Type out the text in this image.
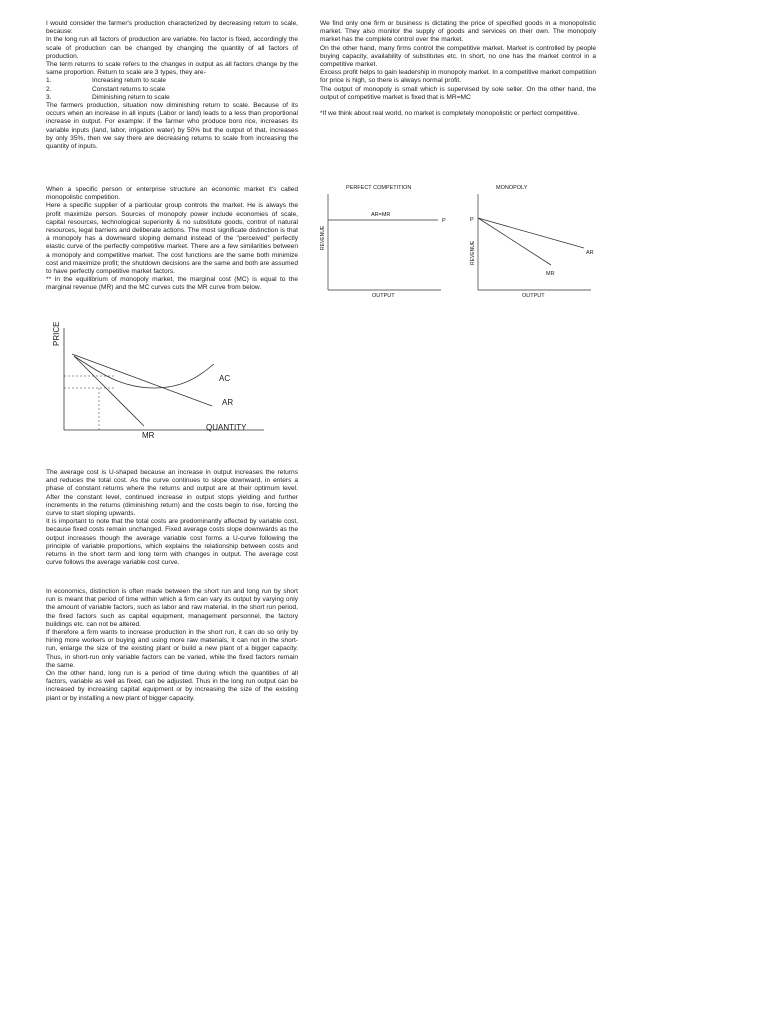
I would consider the farmer's production characterized by decreasing return to scale, because:

In the long run all factors of production are variable. No factor is fixed, accordingly the scale of production can be changed by changing the quantity of all factors of production.

The term returns to scale refers to the changes in output as all factors change by the same proportion. Return to scale are 3 types, they are-

1.	Increasing return to scale
2.	Constant returns to scale
3.	Diminishing return to scale

The farmers production, situation now diminishing return to scale. Because of its occurs when an increase in all inputs (Labor or land) leads to a less than proportional increase in output. For example: if the farmer who produce boro rice, increases its variable inputs (land, labor, irrigation water) by 50% but the output of that, increases by only 35%, then we say there are decreasing returns to scale from increasing the quantity of inputs.

When a specific person or enterprise structure an economic market it's called monopolistic competition.

Here a specific supplier of a particular group controls the market. He is always the profit maximize person. Sources of monopoly power include economies of scale, capital resources, technological superiority & no substitute goods, control of natural resources, legal barriers and deliberate actions. The most significate distinction is that a monopoly has a downward sloping demand instead of the "perceived" perfectly elastic curve of the perfectly competitive market. There are a few similarities between a monopoly and competitive market. The cost functions are the same both minimize cost and maximize profit; the shutdown decisions are the same and both are assumed to have perfectly competitive market factors.

** In the equilibrium of monopoly market, the marginal cost (MC) is equal to the marginal revenue (MR) and the MC curves cuts the MR curve from below.

PRICE
AC
AR
QUANTITY
MR

The average cost is U-shaped because an increase in output increases the returns and reduces the total cost. As the curve continues to slope downward, in enters a phase of constant returns where the returns and output are at their optimum level. After the constant level, continued increase in output stops yielding and further increments in the returns (diminishing return) and the costs begin to rise, forcing the curve to start sloping upwards.

It is important to note that the total costs are predominantly affected by variable cost, because fixed costs remain unchanged. Fixed average costs slope downwards as the output increases though the average variable cost forms a U-curve following the principle of variable proportions, which explains the relationship between costs and returns in the short term and long term with changes in output. The average cost curve follows the average variable cost curve.

In economics, distinction is often made between the short run and long run by short run is meant that period of time within which a firm can vary its output by varying only the amount of variable factors, such as labor and raw material. In the short run period, the fixed factors such as capital equipment, management personnel, the factory buildings etc. can not be altered.

If therefore a firm wants to increase production in the short run, it can do so only by hiring more workers or buying and using more raw materials, it can not in the short-run, enlarge the size of the existing plant or build a new plant of a bigger capacity. Thus, in short-run only variable factors can be varied, while the fixed factors remain the same.

On the other hand, long run is a period of time during which the quantities of all factors, variable as well as fixed, can be adjusted. Thus in the long run output can be increased by increasing capital equipment or by increasing the size of the existing plant or by installing a new plant of bigger capacity.

We find only one firm or business is dictating the price of specified goods in a monopolistic market. They also monitor the supply of goods and services on their own. The monopoly market has the complete control over the market.

On the other hand, many firms control the competitive market. Market is controlled by people buying capacity, availability of substitutes etc. In short, no one has the market control in a competitive market.

Excess profit helps to gain leadership in monopoly market. In a competitive market competition for price is high, so there is always normal profit.

The output of monopoly is small which is supervised by sole seller. On the other hand, the output of competitive market is fixed that is MR=MC

*If we think about real world, no market is completely monopolistic or perfect competitive.

PERFECT COMPETITION
REVENUE
AR=MR
P
OUTPUT
MONOPOLY
REVENUE
P
AR
MR
OUTPUT
